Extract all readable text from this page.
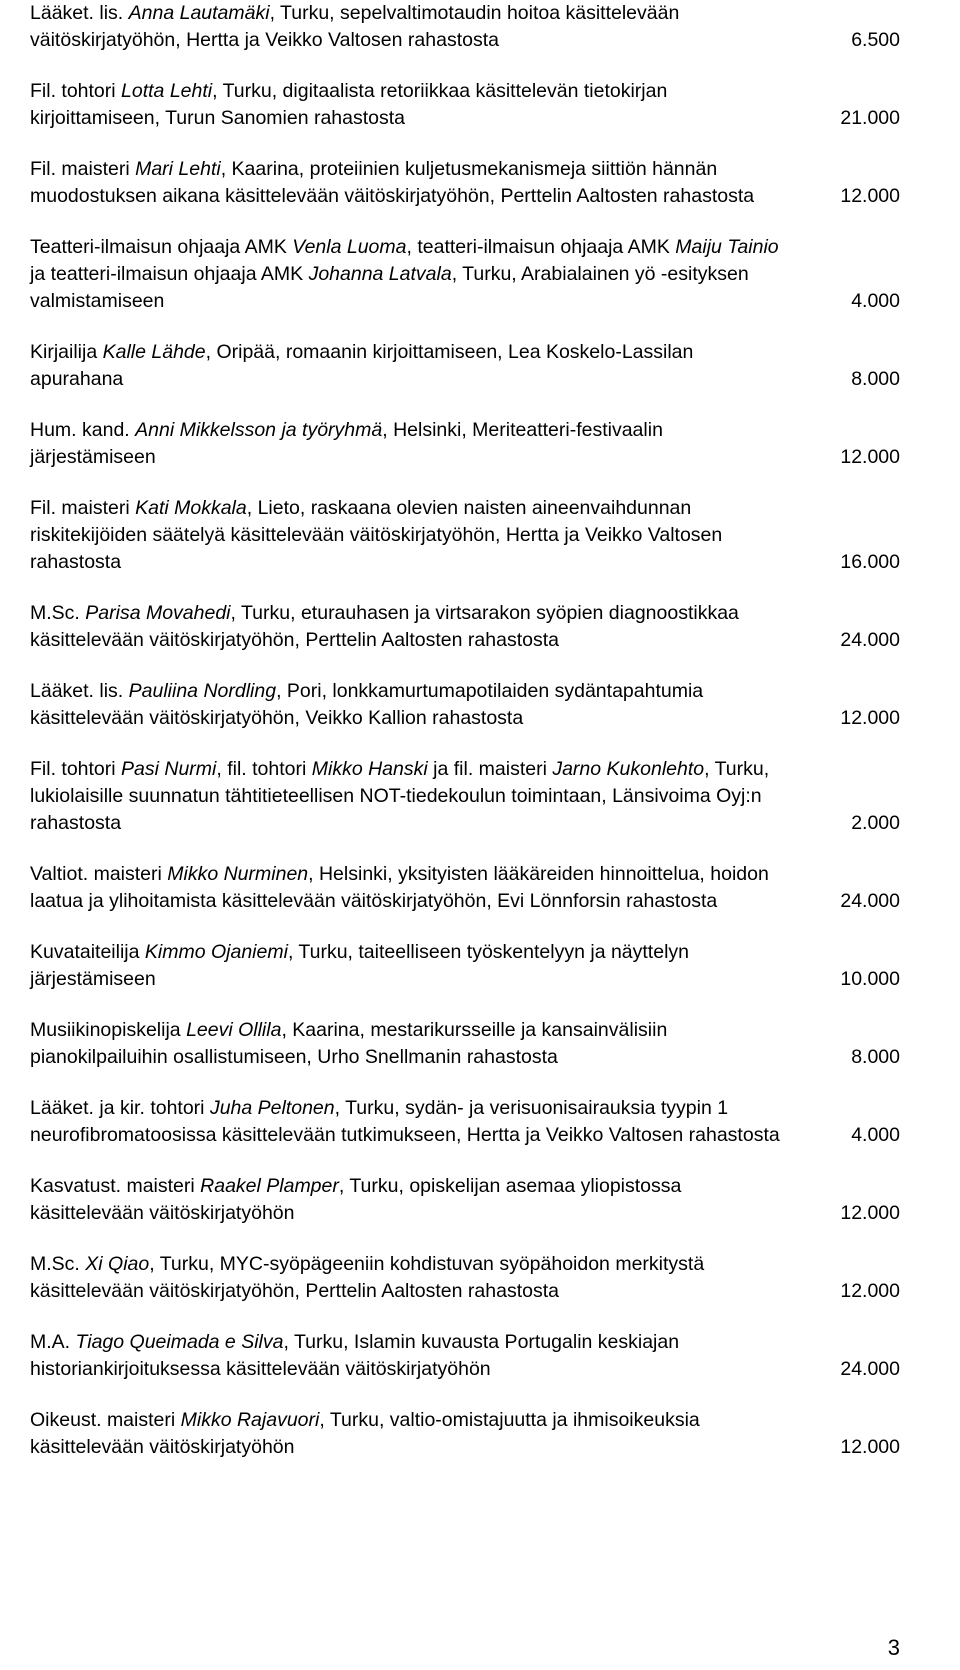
Lääket. lis. Anna Lautamäki, Turku, sepelvaltimotaudin hoitoa käsittelevään väitöskirjatyöhön, Hertta ja Veikko Valtosen rahastosta	6.500
Fil. tohtori Lotta Lehti, Turku, digitaalista retoriikkaa käsittelevän tietokirjan kirjoittamiseen, Turun Sanomien rahastosta	21.000
Fil. maisteri Mari Lehti, Kaarina, proteiinien kuljetusmekanismeja siittiön hännän muodostuksen aikana käsittelevään väitöskirjatyöhön, Perttelin Aaltosten rahastosta	12.000
Teatteri-ilmaisun ohjaaja AMK Venla Luoma, teatteri-ilmaisun ohjaaja AMK Maiju Tainio ja teatteri-ilmaisun ohjaaja AMK Johanna Latvala, Turku, Arabialainen yö -esityksen valmistamiseen	4.000
Kirjailija Kalle Lähde, Oripää, romaanin kirjoittamiseen, Lea Koskelo-Lassilan apurahana	8.000
Hum. kand. Anni Mikkelsson ja työryhmä, Helsinki, Meriteatteri-festivaalin järjestämiseen	12.000
Fil. maisteri Kati Mokkala, Lieto, raskaana olevien naisten aineenvaihdunnan riskitekijöiden säätelyä käsittelevään väitöskirjatyöhön, Hertta ja Veikko Valtosen rahastosta	16.000
M.Sc. Parisa Movahedi, Turku, eturauhasen ja virtsarakon syöpien diagnoostikkaa käsittelevään väitöskirjatyöhön, Perttelin Aaltosten rahastosta	24.000
Lääket. lis. Pauliina Nordling, Pori, lonkkamurtumapotilaiden sydäntapahtumia käsittelevään väitöskirjatyöhön, Veikko Kallion rahastosta	12.000
Fil. tohtori Pasi Nurmi, fil. tohtori Mikko Hanski ja fil. maisteri Jarno Kukonlehto, Turku, lukiolaisille suunnatun tähtitieteellisen NOT-tiedekoulun toimintaan, Länsivoima Oyj:n rahastosta	2.000
Valtiot. maisteri Mikko Nurminen, Helsinki, yksityisten lääkäreiden hinnoittelua, hoidon laatua ja ylihoitamista käsittelevään väitöskirjatyöhön, Evi Lönnforsin rahastosta	24.000
Kuvataiteilija Kimmo Ojaniemi, Turku, taiteelliseen työskentelyyn ja näyttelyn järjestämiseen	10.000
Musiikinopiskelija Leevi Ollila, Kaarina, mestarikursseille ja kansainvälisiin pianokilpailuihin osallistumiseen, Urho Snellmanin rahastosta	8.000
Lääket. ja kir. tohtori Juha Peltonen, Turku, sydän- ja verisuonisairauksia tyypin 1 neurofibromatoosissa käsittelevään tutkimukseen, Hertta ja Veikko Valtosen rahastosta	4.000
Kasvatust. maisteri Raakel Plamper, Turku, opiskelijan asemaa yliopistossa käsittelevään väitöskirjatyöhön	12.000
M.Sc. Xi Qiao, Turku, MYC-syöpägeeniin kohdistuvan syöpähoidon merkitystä käsittelevään väitöskirjatyöhön, Perttelin Aaltosten rahastosta	12.000
M.A. Tiago Queimada e Silva, Turku, Islamin kuvausta Portugalin keskiajan historiankirjoituksessa käsittelevään väitöskirjatyöhön	24.000
Oikeust. maisteri Mikko Rajavuori, Turku, valtio-omistajuutta ja ihmisoikeuksia käsittelevään väitöskirjatyöhön	12.000
3
